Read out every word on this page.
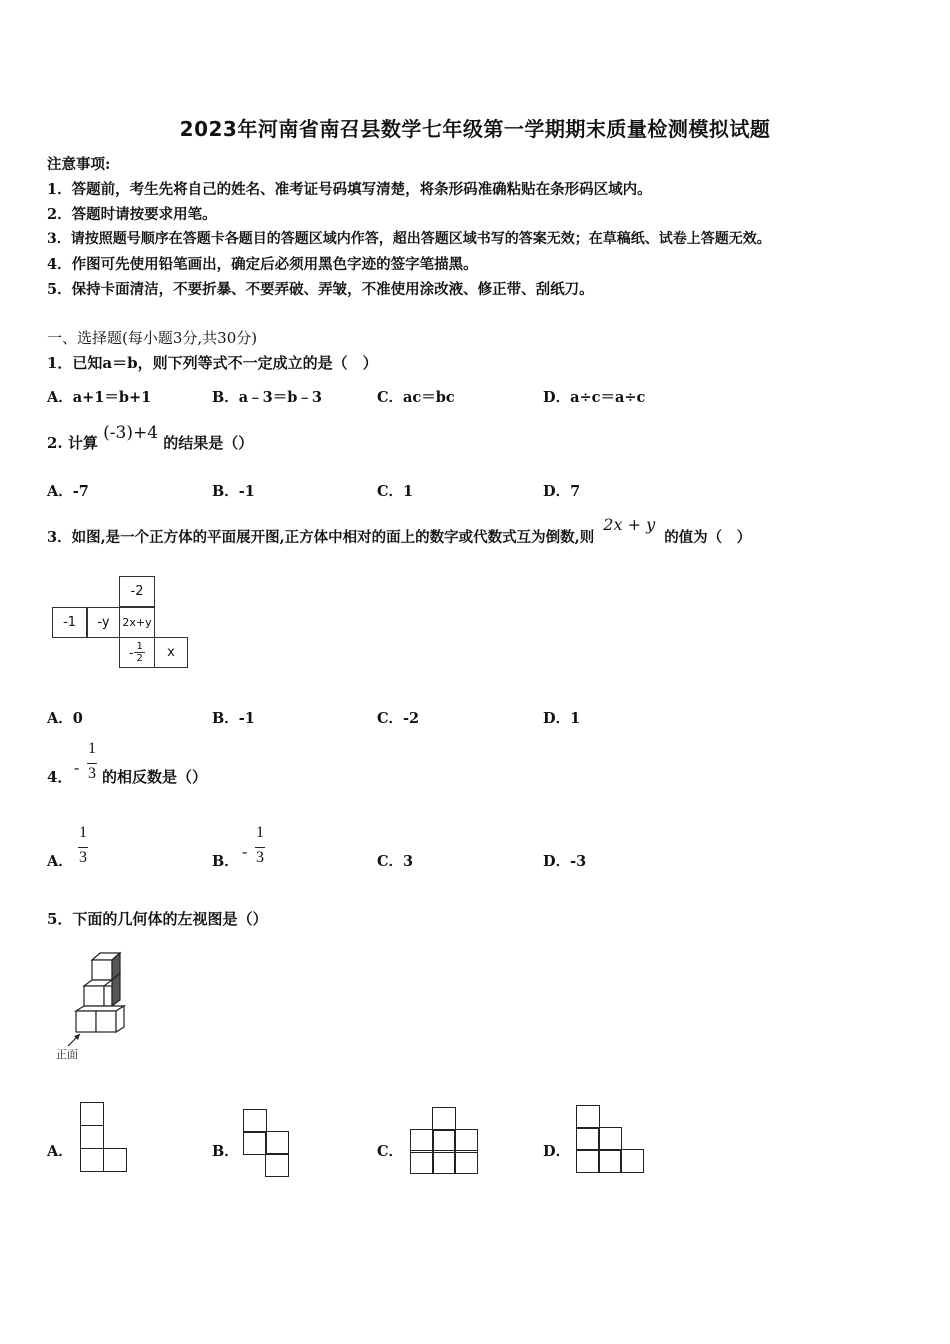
2023年河南省南召县数学七年级第一学期期末质量检测模拟试题
注意事项:
1．答题前，考生先将自己的姓名、准考证号码填写清楚，将条形码准确粘贴在条形码区域内。
2．答题时请按要求用笔。
3．请按照题号顺序在答题卡各题目的答题区域内作答，超出答题区域书写的答案无效；在草稿纸、试卷上答题无效。
4．作图可先使用铅笔画出，确定后必须用黑色字迹的签字笔描黑。
5．保持卡面清洁，不要折暴、不要弄破、弄皱，不准使用涂改液、修正带、刮纸刀。
一、选择题(每小题3分,共30分)
1．已知a＝b，则下列等式不一定成立的是（　）
A．a+1＝b+1	B．a﹣3＝b﹣3	C．ac＝bc	D．a÷c＝a÷c
2. 计算 (-3)+4 的结果是（）
A．-7	B．-1	C．1	D．7
3．如图,是一个正方体的平面展开图,正方体中相对的面上的数字或代数式互为倒数,则 2x + y 的值为（　）
-2
-1	-y	2x+y
- $\frac{1}{2}$	x
A．0	B．-1	C．-2	D．1
4． -
1
3 的相反数是（）
A．
1
3	B．
-
1
3	C．3	D．-3
5．下面的几何体的左视图是（）
正面
A．	B．	C．	D．
